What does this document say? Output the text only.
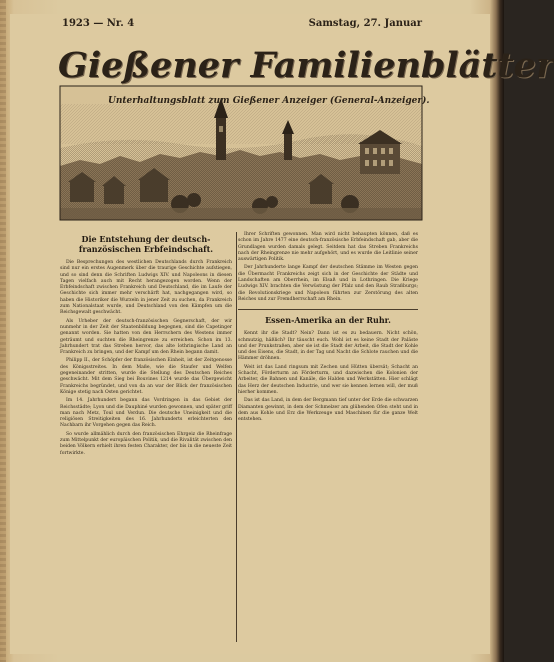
1923 — Nr. 4	Samstag, 27. Januar
Gießener Familienblätter
Unterhaltungsblatt zum Gießener Anzeiger (General-Anzeiger).
Die Entstehung der deutsch-französischen Erbfeindschaft.

Die Besprechungen des westlichen Deutschlands durch Frankreich sind nur ein erstes Augenmerk über die traurige Geschichte aufstiegen, und so sind denn die Schriften Ludwigs XIV. und Napoleons in diesen Tagen vielfach auch mit Recht herangezogen worden. Wenn der Erbfeindschaft zwischen Frankreich und Deutschland, die im Laufe der Geschichte sich immer mehr verschärft hat, nachgegangen wird, so haben die Historiker die Wurzeln in jener Zeit zu suchen, da Frankreich zum Nationalstaat wurde, und Deutschland von den Kämpfen um die Reichsgewalt geschwächt.

Als Urheber der deutsch-französischen Gegnerschaft, der wir nunmehr in der Zeit der Staatenbildung begegnen, sind die Capetinger genannt worden. Sie hatten von den Herrschern des Westens immer geträumt und suchten die Rheingrenze zu erreichen. Schon im 13. Jahrhundert trat das Streben hervor, das alte lothringische Land an Frankreich zu bringen, und der Kampf um den Rhein begann damit.

Philipp II., der Schöpfer der französischen Einheit, ist der Zeitgenosse des Königsstreites. In dem Maße, wie die Staufer und Welfen gegeneinander stritten, wurde die Stellung des Deutschen Reiches geschwächt. Mit dem Sieg bei Bouvines 1214 wurde das Übergewicht Frankreichs begründet, und von da an war der Blick der französischen Könige stetig nach Osten gerichtet.

Im 14. Jahrhundert begann das Vordringen in das Gebiet der Reichsstädte; Lyon und die Dauphiné wurden gewonnen, und später griff man nach Metz, Toul und Verdun. Die deutsche Uneinigkeit und die religiösen Streitigkeiten des 16. Jahrhunderts erleichterten den Nachbarn ihr Vorgehen gegen das Reich.

So wurde allmählich durch den französischen Ehrgeiz die Rheinfrage zum Mittelpunkt der europäischen Politik, und die Rivalität zwischen den beiden Völkern erhielt ihren festen Charakter, der bis in die neueste Zeit fortwirkte.

Ihrer Schriften gewonnen. Man wird nicht behaupten können, daß es schon im Jahre 1477 eine deutsch-französische Erbfeindschaft gab, aber die Grundlagen wurden damals gelegt. Seitdem hat das Streben Frankreichs nach der Rheingrenze nie mehr aufgehört, und es wurde die Leitlinie seiner auswärtigen Politik.

Der Jahrhunderte lange Kampf der deutschen Stämme im Westen gegen die Übermacht Frankreichs zeigt sich in der Geschichte der Städte und Landschaften am Oberrhein, im Elsaß und in Lothringen. Die Kriege Ludwigs XIV. brachten die Verwüstung der Pfalz und den Raub Straßburgs; die Revolutionskriege und Napoleon führten zur Zerstörung des alten Reiches und zur Fremdherrschaft am Rhein.

Essen-Amerika an der Ruhr.

Kennt ihr die Stadt? Nein? Dann ist es zu bedauern. Nicht schön, schmutzig, häßlich? Ihr täuscht euch. Wohl ist es keine Stadt der Paläste und der Prunkstraßen, aber sie ist die Stadt der Arbeit, die Stadt der Kohle und des Eisens, die Stadt, in der Tag und Nacht die Schlote rauchen und die Hämmer dröhnen.

Weit ist das Land ringsum mit Zechen und Hütten übersät; Schacht an Schacht, Förderturm an Förderturm, und dazwischen die Kolonien der Arbeiter, die Bahnen und Kanäle, die Halden und Werkstätten. Hier schlägt das Herz der deutschen Industrie, und wer sie kennen lernen will, der muß hierher kommen.

Das ist das Land, in dem der Bergmann tief unter der Erde die schwarzen Diamanten gewinnt, in dem der Schmelzer am glühenden Ofen steht und in dem aus Kohle und Erz die Werkzeuge und Maschinen für die ganze Welt entstehen.
